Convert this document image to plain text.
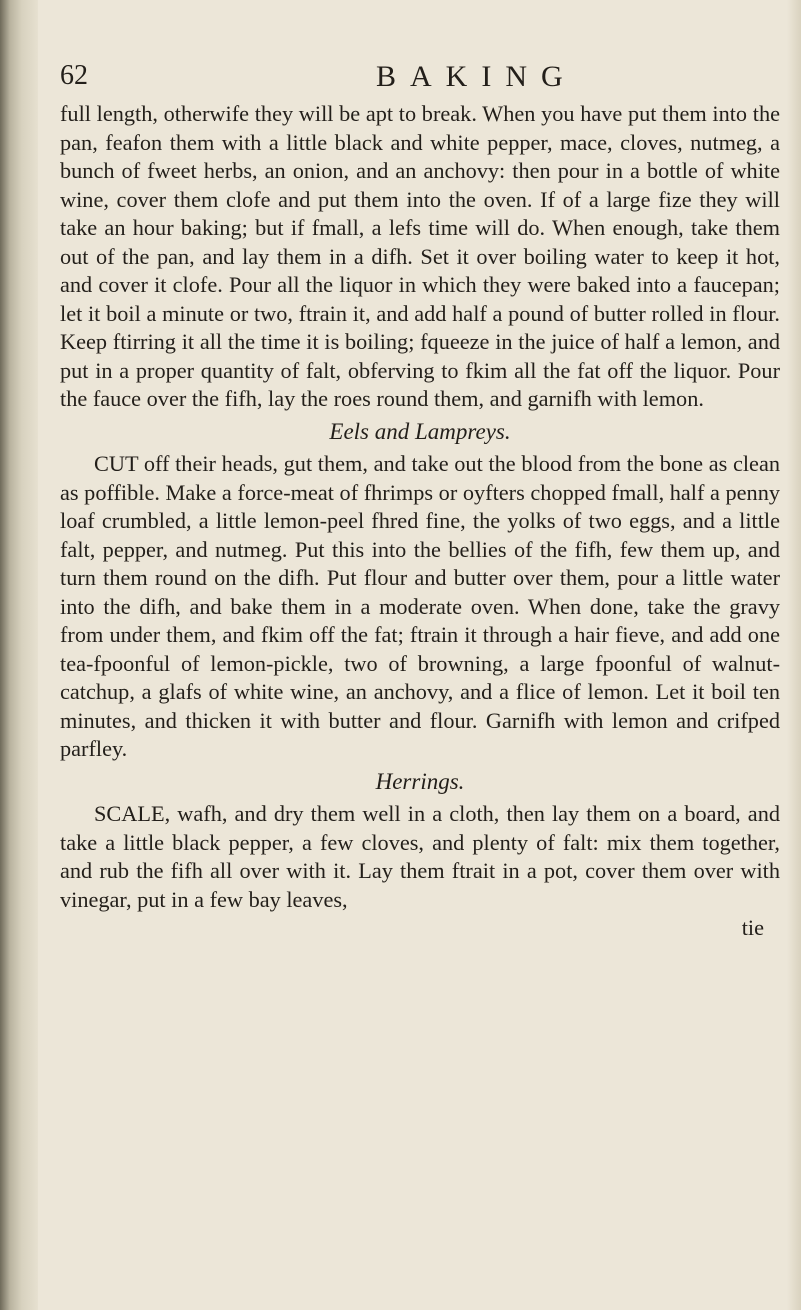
62	BAKING

full length, otherwife they will be apt to break. When you have put them into the pan, feafon them with a little black and white pepper, mace, cloves, nutmeg, a bunch of fweet herbs, an onion, and an anchovy: then pour in a bottle of white wine, cover them clofe and put them into the oven. If of a large fize they will take an hour baking; but if fmall, a lefs time will do. When enough, take them out of the pan, and lay them in a difh. Set it over boiling water to keep it hot, and cover it clofe. Pour all the liquor in which they were baked into a faucepan; let it boil a minute or two, ftrain it, and add half a pound of butter rolled in flour. Keep ftirring it all the time it is boiling; fqueeze in the juice of half a lemon, and put in a proper quantity of falt, obferving to fkim all the fat off the liquor. Pour the fauce over the fifh, lay the roes round them, and garnifh with lemon.

Eels and Lampreys.

CUT off their heads, gut them, and take out the blood from the bone as clean as poffible. Make a force-meat of fhrimps or oyfters chopped fmall, half a penny loaf crumbled, a little lemon-peel fhred fine, the yolks of two eggs, and a little falt, pepper, and nutmeg. Put this into the bellies of the fifh, few them up, and turn them round on the difh. Put flour and butter over them, pour a little water into the difh, and bake them in a moderate oven. When done, take the gravy from under them, and fkim off the fat; ftrain it through a hair fieve, and add one tea-fpoonful of lemon-pickle, two of browning, a large fpoonful of walnut-catchup, a glafs of white wine, an anchovy, and a flice of lemon. Let it boil ten minutes, and thicken it with butter and flour. Garnifh with lemon and crifped parfley.

Herrings.

SCALE, wafh, and dry them well in a cloth, then lay them on a board, and take a little black pepper, a few cloves, and plenty of falt: mix them together, and rub the fifh all over with it. Lay them ftrait in a pot, cover them over with vinegar, put in a few bay leaves,

tie
